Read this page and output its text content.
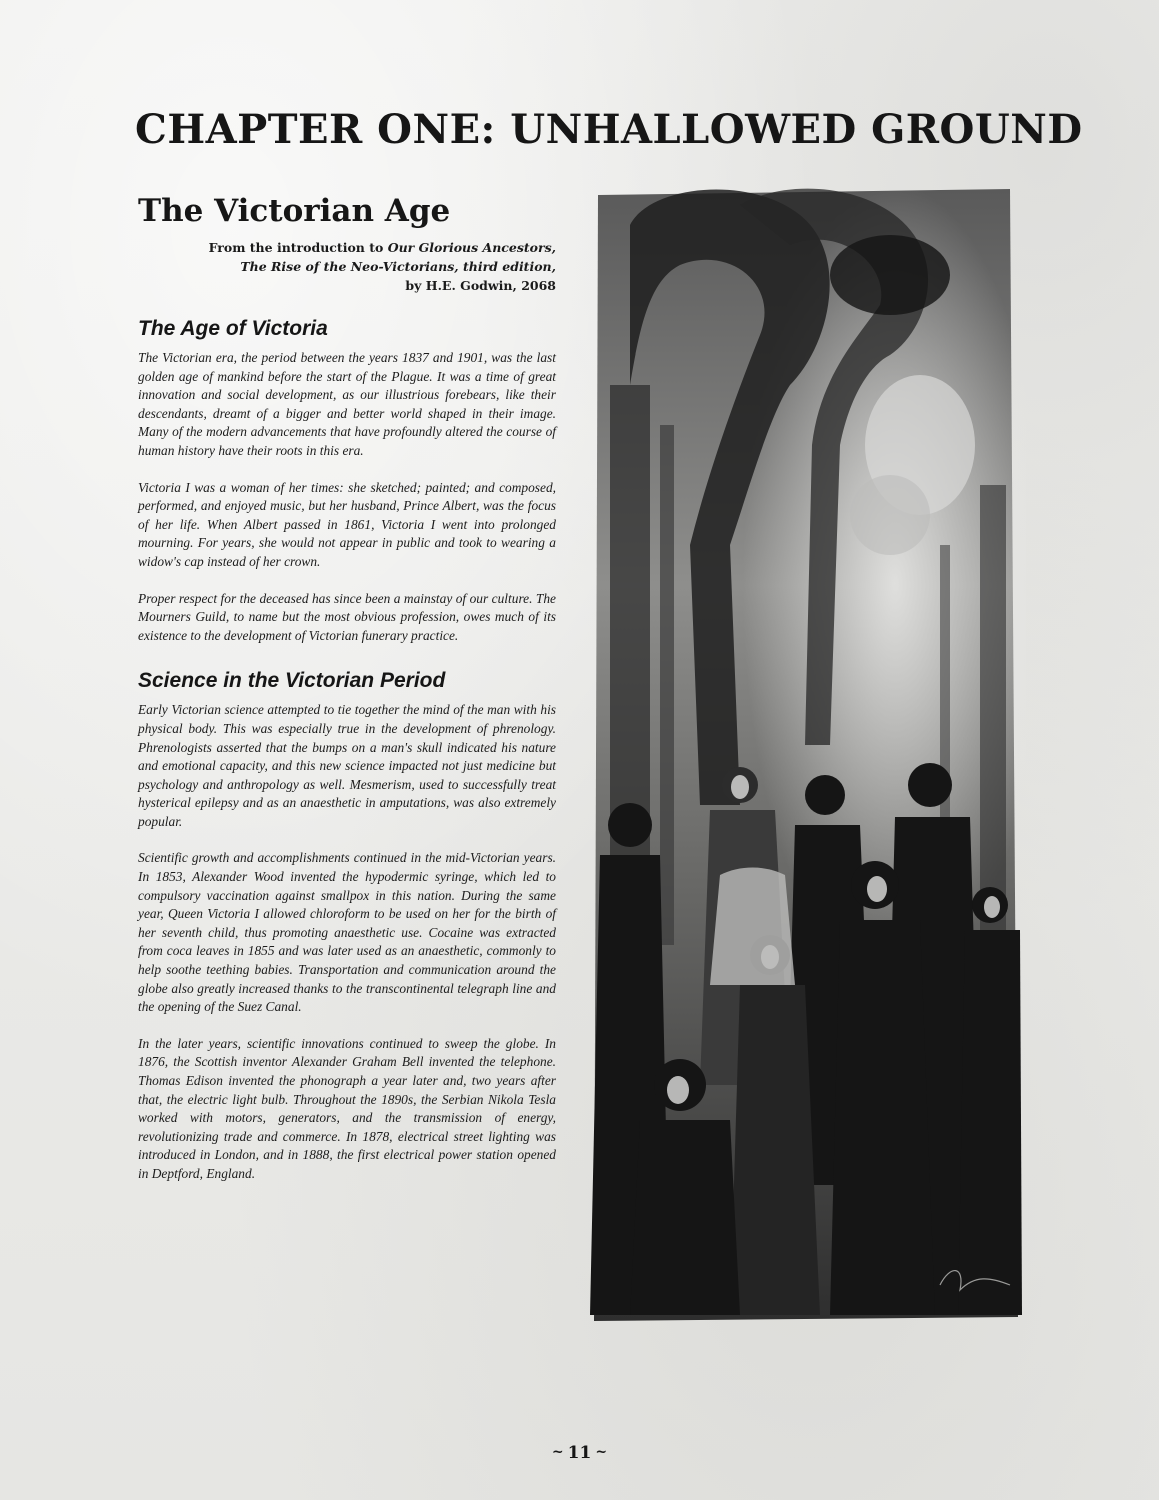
CHAPTER ONE: UNHALLOWED GROUND
The Victorian Age
From the introduction to Our Glorious Ancestors,
The Rise of the Neo-Victorians, third edition,
by H.E. Godwin, 2068
The Age of Victoria

The Victorian era, the period between the years 1837 and 1901, was the last golden age of mankind before the start of the Plague. It was a time of great innovation and social development, as our illustrious forebears, like their descendants, dreamt of a bigger and better world shaped in their image. Many of the modern advancements that have profoundly altered the course of human history have their roots in this era.

Victoria I was a woman of her times: she sketched; painted; and composed, performed, and enjoyed music, but her husband, Prince Albert, was the focus of her life. When Albert passed in 1861, Victoria I went into prolonged mourning. For years, she would not appear in public and took to wearing a widow's cap instead of her crown.

Proper respect for the deceased has since been a mainstay of our culture. The Mourners Guild, to name but the most obvious profession, owes much of its existence to the development of Victorian funerary practice.

Science in the Victorian Period

Early Victorian science attempted to tie together the mind of the man with his physical body. This was especially true in the development of phrenology. Phrenologists asserted that the bumps on a man's skull indicated his nature and emotional capacity, and this new science impacted not just medicine but psychology and anthropology as well. Mesmerism, used to successfully treat hysterical epilepsy and as an anaesthetic in amputations, was also extremely popular.

Scientific growth and accomplishments continued in the mid-Victorian years. In 1853, Alexander Wood invented the hypodermic syringe, which led to compulsory vaccination against smallpox in this nation. During the same year, Queen Victoria I allowed chloroform to be used on her for the birth of her seventh child, thus promoting anaesthetic use. Cocaine was extracted from coca leaves in 1855 and was later used as an anaesthetic, commonly to help soothe teething babies. Transportation and communication around the globe also greatly increased thanks to the transcontinental telegraph line and the opening of the Suez Canal.

In the later years, scientific innovations continued to sweep the globe. In 1876, the Scottish inventor Alexander Graham Bell invented the telephone. Thomas Edison invented the phonograph a year later and, two years after that, the electric light bulb. Throughout the 1890s, the Serbian Nikola Tesla worked with motors, generators, and the transmission of energy, revolutionizing trade and commerce. In 1878, electrical street lighting was introduced in London, and in 1888, the first electrical power station opened in Deptford, England.

~ 11 ~
